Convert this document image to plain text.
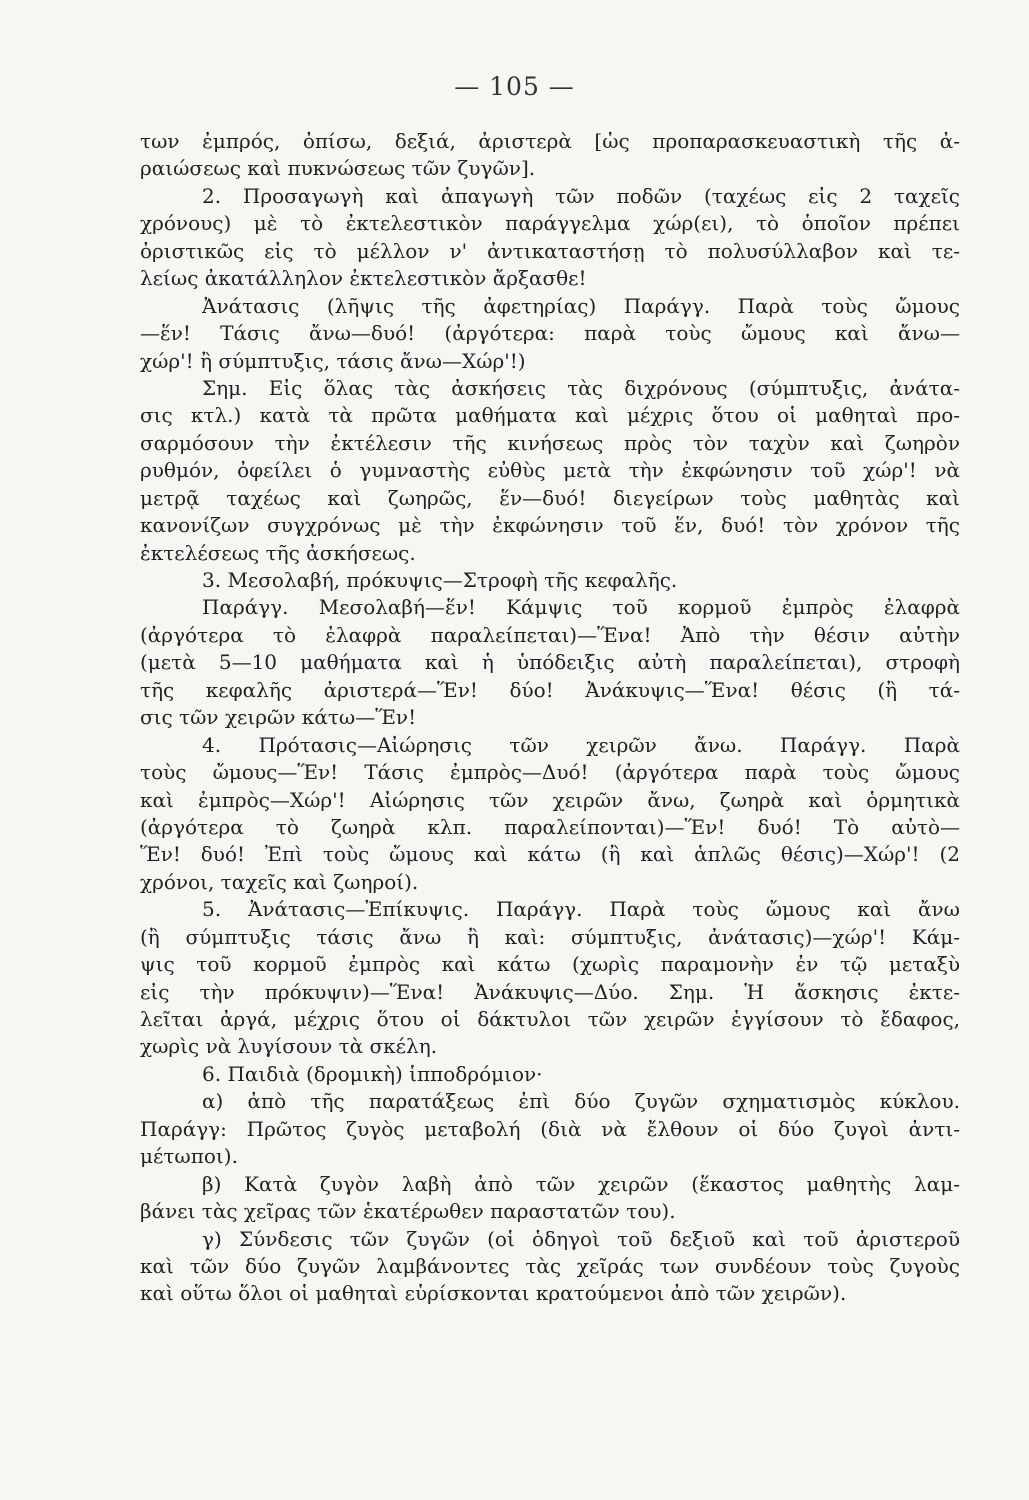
— 105 —
των ἐμπρός, ὀπίσω, δεξιά, ἀριστερὰ [ὡς προπαρασκευαστικὴ τῆς ἀ-
ραιώσεως καὶ πυκνώσεως τῶν ζυγῶν].
2. Προσαγωγὴ καὶ ἀπαγωγὴ τῶν ποδῶν (ταχέως εἰς 2 ταχεῖς
χρόνους) μὲ τὸ ἐκτελεστικὸν παράγγελμα χώρ(ει), τὸ ὁποῖον πρέπει
ὁριστικῶς εἰς τὸ μέλλον ν' ἀντικαταστήσῃ τὸ πολυσύλλαβον καὶ τε-
λείως ἀκατάλληλον ἐκτελεστικὸν ἄρξασθε!
Ἀνάτασις (λῆψις τῆς ἀφετηρίας) Παράγγ. Παρὰ τοὺς ὤμους
—ἕν! Τάσις ἄνω—δυό! (ἀργότερα: παρὰ τοὺς ὤμους καὶ ἄνω—
χώρ'! ἢ σύμπτυξις, τάσις ἄνω—Χώρ'!)
Σημ. Εἰς ὅλας τὰς ἀσκήσεις τὰς διχρόνους (σύμπτυξις, ἀνάτα-
σις κτλ.) κατὰ τὰ πρῶτα μαθήματα καὶ μέχρις ὅτου οἱ μαθηταὶ προ-
σαρμόσουν τὴν ἐκτέλεσιν τῆς κινήσεως πρὸς τὸν ταχὺν καὶ ζωηρὸν
ρυθμόν, ὀφείλει ὁ γυμναστὴς εὐθὺς μετὰ τὴν ἐκφώνησιν τοῦ χώρ'! νὰ
μετρᾷ ταχέως καὶ ζωηρῶς, ἕν—δυό! διεγείρων τοὺς μαθητὰς καὶ
κανονίζων συγχρόνως μὲ τὴν ἐκφώνησιν τοῦ ἕν, δυό! τὸν χρόνον τῆς
ἐκτελέσεως τῆς ἀσκήσεως.
3. Μεσολαβή, πρόκυψις—Στροφὴ τῆς κεφαλῆς.
Παράγγ. Μεσολαβή—ἕν! Κάμψις τοῦ κορμοῦ ἐμπρὸς ἐλαφρὰ
(ἀργότερα τὸ ἐλαφρὰ παραλείπεται)—Ἕνα! Ἀπὸ τὴν θέσιν αὐτὴν
(μετὰ 5—10 μαθήματα καὶ ἡ ὑπόδειξις αὐτὴ παραλείπεται), στροφὴ
τῆς κεφαλῆς ἀριστερά—Ἕν! δύο! Ἀνάκυψις—Ἕνα! θέσις (ἢ τά-
σις τῶν χειρῶν κάτω—Ἕν!
4. Πρότασις—Αἰώρησις τῶν χειρῶν ἄνω. Παράγγ. Παρὰ
τοὺς ὤμους—Ἕν! Τάσις ἐμπρὸς—Δυό! (ἀργότερα παρὰ τοὺς ὤμους
καὶ ἐμπρὸς—Χώρ'! Αἰώρησις τῶν χειρῶν ἄνω, ζωηρὰ καὶ ὁρμητικὰ
(ἀργότερα τὸ ζωηρὰ κλπ. παραλείπονται)—Ἕν! δυό! Τὸ αὐτὸ—
Ἕν! δυό! Ἐπὶ τοὺς ὤμους καὶ κάτω (ἢ καὶ ἁπλῶς θέσις)—Χώρ'! (2
χρόνοι, ταχεῖς καὶ ζωηροί).
5. Ἀνάτασις—Ἐπίκυψις. Παράγγ. Παρὰ τοὺς ὤμους καὶ ἄνω
(ἢ σύμπτυξις τάσις ἄνω ἢ καὶ: σύμπτυξις, ἀνάτασις)—χώρ'! Κάμ-
ψις τοῦ κορμοῦ ἐμπρὸς καὶ κάτω (χωρὶς παραμονὴν ἐν τῷ μεταξὺ
εἰς τὴν πρόκυψιν)—Ἕνα! Ἀνάκυψις—Δύο. Σημ. Ἡ ἄσκησις ἐκτε-
λεῖται ἀργά, μέχρις ὅτου οἱ δάκτυλοι τῶν χειρῶν ἐγγίσουν τὸ ἔδαφος,
χωρὶς νὰ λυγίσουν τὰ σκέλη.
6. Παιδιὰ (δρομικὴ) ἱπποδρόμιον·
α) ἀπὸ τῆς παρατάξεως ἐπὶ δύο ζυγῶν σχηματισμὸς κύκλου.
Παράγγ: Πρῶτος ζυγὸς μεταβολή (διὰ νὰ ἔλθουν οἱ δύο ζυγοὶ ἀντι-
μέτωποι).
β) Κατὰ ζυγὸν λαβὴ ἀπὸ τῶν χειρῶν (ἕκαστος μαθητὴς λαμ-
βάνει τὰς χεῖρας τῶν ἑκατέρωθεν παραστατῶν του).
γ) Σύνδεσις τῶν ζυγῶν (οἱ ὁδηγοὶ τοῦ δεξιοῦ καὶ τοῦ ἀριστεροῦ
καὶ τῶν δύο ζυγῶν λαμβάνοντες τὰς χεῖράς των συνδέουν τοὺς ζυγοὺς
καὶ οὕτω ὅλοι οἱ μαθηταὶ εὑρίσκονται κρατούμενοι ἀπὸ τῶν χειρῶν).
